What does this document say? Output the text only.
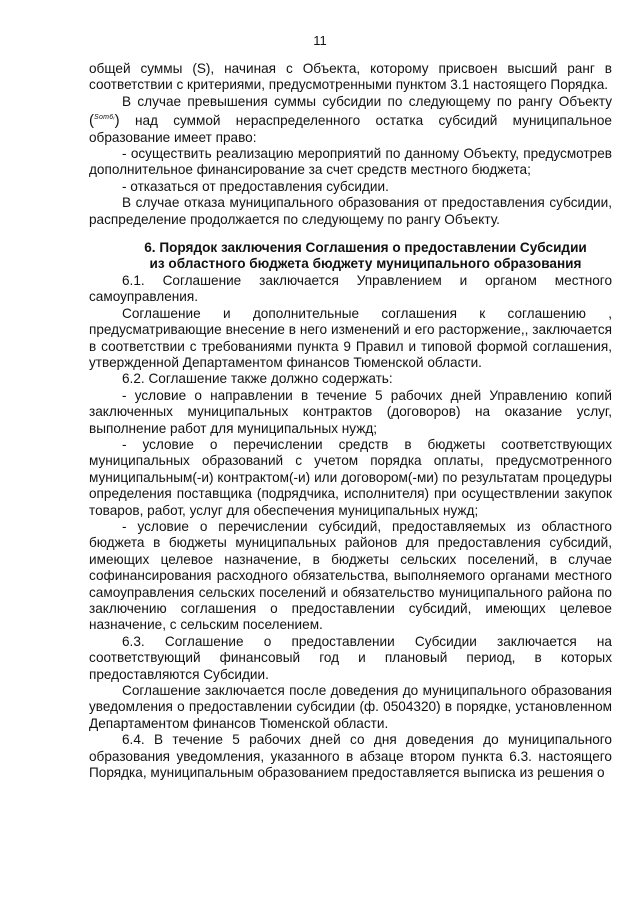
11

общей суммы (S), начиная с Объекта, которому присвоен высший ранг в соответствии с критериями, предусмотренными пунктом 3.1 настоящего Порядка.

В случае превышения суммы субсидии по следующему по рангу Объекту ($^{Som6ᵢ}$) над суммой нераспределенного остатка субсидий муниципальное образование имеет право:

- осуществить реализацию мероприятий по данному Объекту, предусмотрев дополнительное финансирование за счет средств местного бюджета;

- отказаться от предоставления субсидии.

В случае отказа муниципального образования от предоставления субсидии, распределение продолжается по следующему по рангу Объекту.

6. Порядок заключения Соглашения о предоставлении Субсидии

из областного бюджета бюджету муниципального образования

6.1. Соглашение заключается Управлением и органом местного самоуправления.

Соглашение и дополнительные соглашения к соглашению , предусматривающие внесение в него изменений и его расторжение,, заключается в соответствии с требованиями пункта 9 Правил и типовой формой соглашения, утвержденной Департаментом финансов Тюменской области.

6.2. Соглашение также должно содержать:

- условие о направлении в течение 5 рабочих дней Управлению копий заключенных муниципальных контрактов (договоров) на оказание услуг, выполнение работ для муниципальных нужд;

- условие о перечислении средств в бюджеты соответствующих муниципальных образований с учетом порядка оплаты, предусмотренного муниципальным(-и) контрактом(-и) или договором(-ми) по результатам процедуры определения поставщика (подрядчика, исполнителя) при осуществлении закупок товаров, работ, услуг для обеспечения муниципальных нужд;

- условие о перечислении субсидий, предоставляемых из областного бюджета в бюджеты муниципальных районов для предоставления субсидий, имеющих целевое назначение, в бюджеты сельских поселений, в случае софинансирования расходного обязательства, выполняемого органами местного самоуправления сельских поселений и обязательство муниципального района по заключению соглашения о предоставлении субсидий, имеющих целевое назначение, с сельским поселением.

6.3. Соглашение о предоставлении Субсидии заключается на соответствующий финансовый год и плановый период, в которых предоставляются Субсидии.

Соглашение заключается после доведения до муниципального образования уведомления о предоставлении субсидии (ф. 0504320) в порядке, установленном Департаментом финансов Тюменской области.

6.4. В течение 5 рабочих дней со дня доведения до муниципального образования уведомления, указанного в абзаце втором пункта 6.3. настоящего Порядка, муниципальным образованием предоставляется выписка из решения о
